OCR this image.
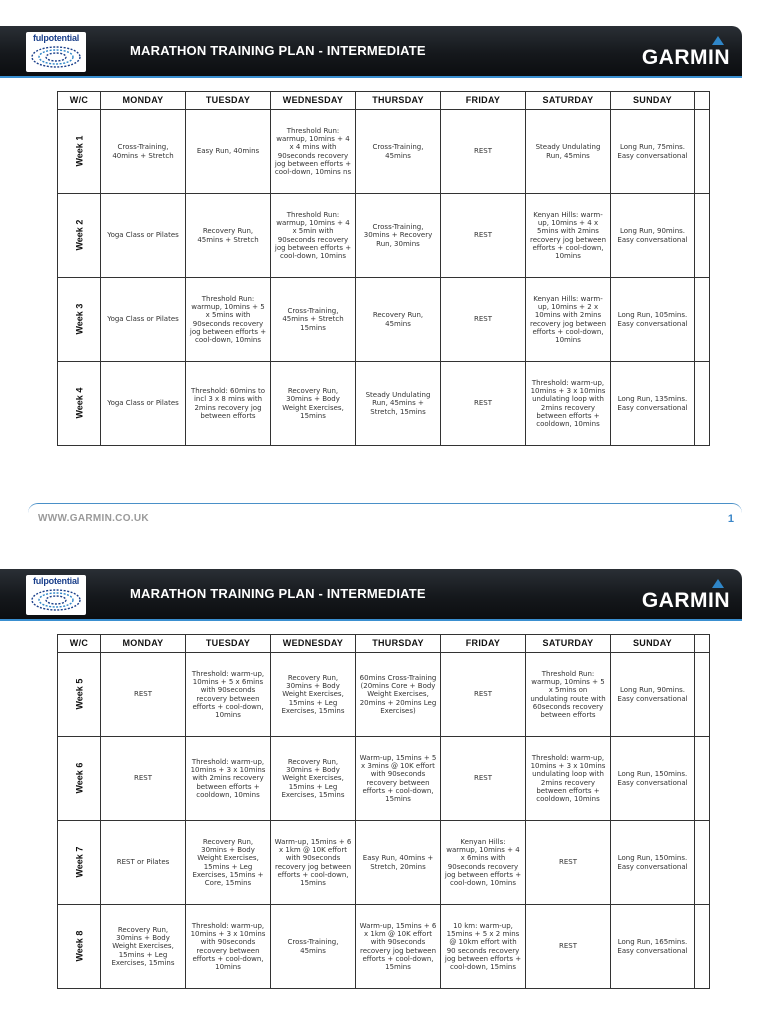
fulpotential
MARATHON TRAINING PLAN - INTERMEDIATE	GARMIN
W/C	MONDAY	TUESDAY	WEDNESDAY	THURSDAY	FRIDAY	SATURDAY	SUNDAY	
Week 1	Cross-Training, 40mins + Stretch	Easy Run, 40mins	Threshold Run: warmup, 10mins + 4 x 4 mins with 90seconds recovery jog between efforts + cool-down, 10mins ns	Cross-Training, 45mins	REST	Steady Undulating Run, 45mins	Long Run, 75mins. Easy conversational	
Week 2	Yoga Class or Pilates	Recovery Run, 45mins + Stretch	Threshold Run: warmup, 10mins + 4 x 5min with 90seconds recovery jog between efforts + cool-down, 10mins	Cross-Training, 30mins + Recovery Run, 30mins	REST	Kenyan Hills: warm-up, 10mins + 4 x 5mins with 2mins recovery jog between efforts + cool-down, 10mins	Long Run, 90mins. Easy conversational	
Week 3	Yoga Class or Pilates	Threshold Run: warmup, 10mins + 5 x 5mins with 90seconds recovery jog between efforts + cool-down, 10mins	Cross-Training, 45mins + Stretch 15mins	Recovery Run, 45mins	REST	Kenyan Hills: warm-up, 10mins + 2 x 10mins with 2mins recovery jog between efforts + cool-down, 10mins	Long Run, 105mins. Easy conversational	
Week 4	Yoga Class or Pilates	Threshold: 60mins to incl 3 x 8 mins with 2mins recovery jog between efforts	Recovery Run, 30mins + Body Weight Exercises, 15mins	Steady Undulating Run, 45mins + Stretch, 15mins	REST	Threshold: warm-up, 10mins + 3 x 10mins undulating loop with 2mins recovery between efforts + cooldown, 10mins	Long Run, 135mins. Easy conversational	
WWW.GARMIN.CO.UK	1
fulpotential
MARATHON TRAINING PLAN - INTERMEDIATE	GARMIN
W/C	MONDAY	TUESDAY	WEDNESDAY	THURSDAY	FRIDAY	SATURDAY	SUNDAY	
Week 5	REST	Threshold: warm-up, 10mins + 5 x 6mins with 90seconds recovery between efforts + cool-down, 10mins	Recovery Run, 30mins + Body Weight Exercises, 15mins + Leg Exercises, 15mins	60mins Cross-Training (20mins Core + Body Weight Exercises, 20mins + 20mins Leg Exercises)	REST	Threshold Run: warmup, 10mins + 5 x 5mins on undulating route with 60seconds recovery between efforts	Long Run, 90mins. Easy conversational	
Week 6	REST	Threshold: warm-up, 10mins + 3 x 10mins with 2mins recovery between efforts + cooldown, 10mins	Recovery Run, 30mins + Body Weight Exercises, 15mins + Leg Exercises, 15mins	Warm-up, 15mins + 5 x 3mins @ 10K effort with 90seconds recovery between efforts + cool-down, 15mins	REST	Threshold: warm-up, 10mins + 3 x 10mins undulating loop with 2mins recovery between efforts + cooldown, 10mins	Long Run, 150mins. Easy conversational	
Week 7	REST or Pilates	Recovery Run, 30mins + Body Weight Exercises, 15mins + Leg Exercises, 15mins + Core, 15mins	Warm-up, 15mins + 6 x 1km @ 10K effort with 90seconds recovery jog between efforts + cool-down, 15mins	Easy Run, 40mins + Stretch, 20mins	Kenyan Hills: warmup, 10mins + 4 x 6mins with 90seconds recovery jog between efforts + cool-down, 10mins	REST	Long Run, 150mins. Easy conversational	
Week 8	Recovery Run, 30mins + Body Weight Exercises, 15mins + Leg Exercises, 15mins	Threshold: warm-up, 10mins + 3 x 10mins with 90seconds recovery between efforts + cool-down, 10mins	Cross-Training, 45mins	Warm-up, 15mins + 6 x 1km @ 10K effort with 90seconds recovery jog between efforts + cool-down, 15mins	10 km: warm-up, 15mins + 5 x 2 mins @ 10km effort with 90 seconds recovery jog between efforts + cool-down, 15mins	REST	Long Run, 165mins. Easy conversational	
